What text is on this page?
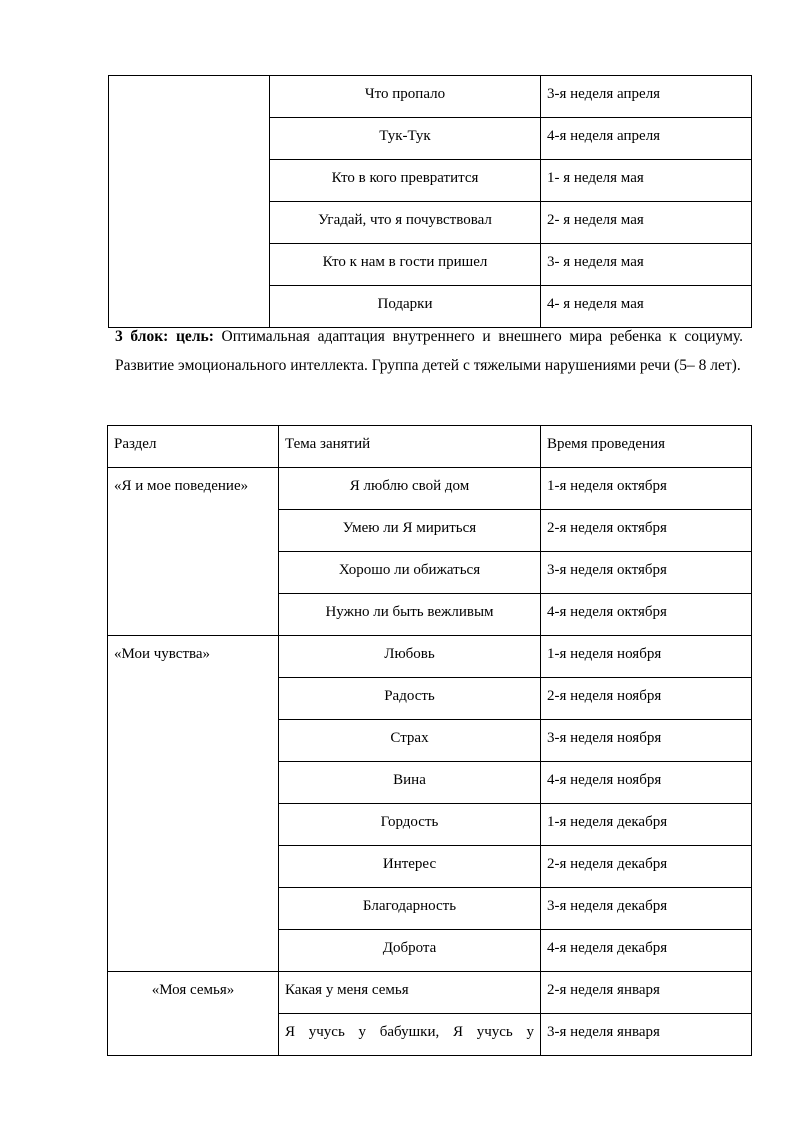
	Что пропало	3-я неделя апреля
	Тук-Тук	4-я неделя апреля
	Кто в кого превратится	1- я неделя мая
	Угадай, что я почувствовал	2- я неделя мая
	Кто к нам в гости пришел	3- я неделя мая
	Подарки	4- я неделя мая
3 блок: цель: Оптимальная адаптация внутреннего и внешнего мира ребенка к социуму. Развитие эмоционального интеллекта. Группа детей с тяжелыми нарушениями речи (5– 8 лет).
Раздел	Тема занятий	Время проведения
«Я и мое поведение»	Я люблю свой дом	1-я неделя октября
	Умею ли Я мириться	2-я неделя октября
	Хорошо ли обижаться	3-я неделя октября
	Нужно ли быть вежливым	4-я неделя октября
«Мои чувства»	Любовь	1-я неделя ноября
	Радость	2-я неделя ноября
	Страх	3-я неделя ноября
	Вина	4-я неделя ноября
	Гордость	1-я неделя декабря
	Интерес	2-я неделя декабря
	Благодарность	3-я неделя декабря
	Доброта	4-я неделя декабря
«Моя семья»	Какая у меня семья	2-я неделя января
	Я учусь у бабушки, Я учусь у	3-я неделя января
